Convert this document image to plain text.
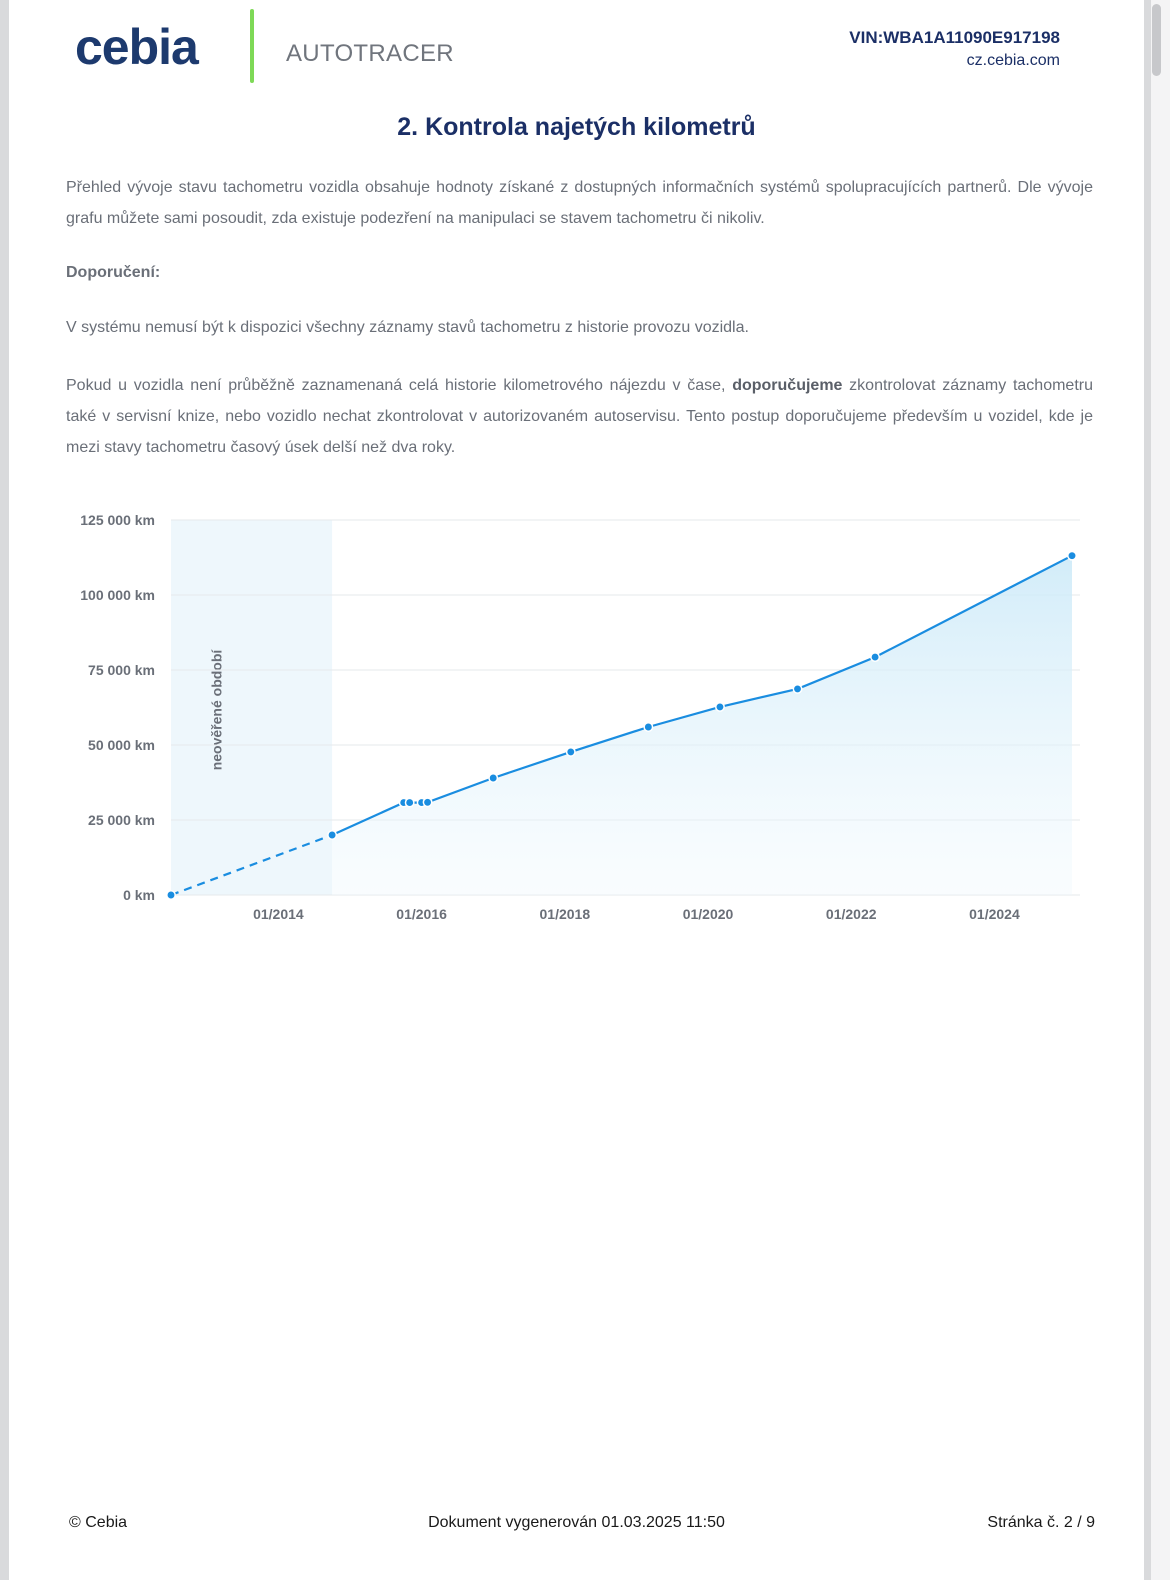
cebia	AUTOTRACER
VIN:WBA1A11090E917198
cz.cebia.com
2. Kontrola najetých kilometrů

Přehled vývoje stavu tachometru vozidla obsahuje hodnoty získané z dostupných informačních systémů spolupracujících partnerů. Dle vývoje grafu můžete sami posoudit, zda existuje podezření na manipulaci se stavem tachometru či nikoliv.

Doporučení:

V systému nemusí být k dispozici všechny záznamy stavů tachometru z historie provozu vozidla.

Pokud u vozidla není průběžně zaznamenaná celá historie kilometrového nájezdu v čase, doporučujeme zkontrolovat záznamy tachometru také v servisní knize, nebo vozidlo nechat zkontrolovat v autorizovaném autoservisu. Tento postup doporučujeme především u vozidel, kde je mezi stavy tachometru časový úsek delší než dva roky.

neověřené období
0 km
25 000 km
50 000 km
75 000 km
100 000 km
125 000 km
01/2014	01/2016	01/2018	01/2020	01/2022	01/2024
© Cebia	Dokument vygenerován 01.03.2025 11:50	Stránka č. 2 / 9
